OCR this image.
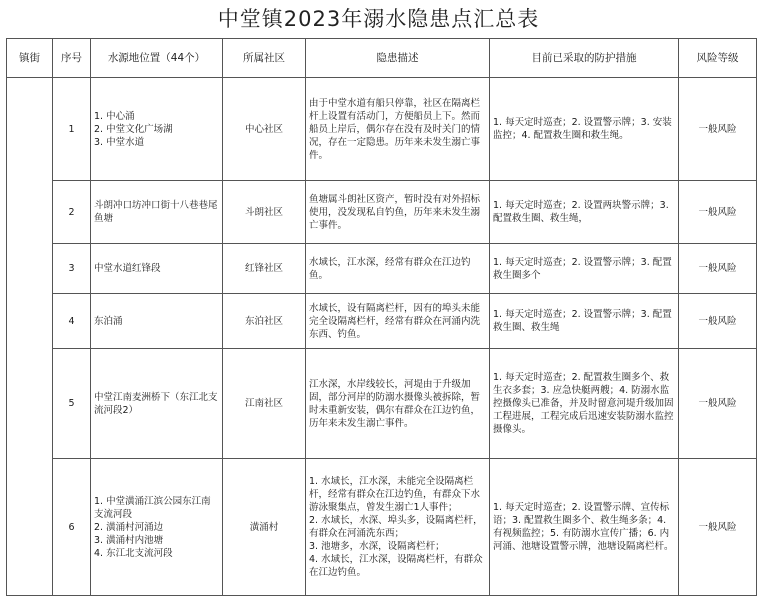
中堂镇2023年溺水隐患点汇总表
镇街	序号	水源地位置（44个）	所属社区	隐患描述	目前已采取的防护措施	风险等级
	1	1. 中心涌
2. 中堂文化广场湖
3. 中堂水道	中心社区	由于中堂水道有船只停靠，社区在隔离栏杆上设置有活动门，方便船员上下。然而船员上岸后，偶尔存在没有及时关门的情况，存在一定隐患。历年来未发生溺亡事件。	1. 每天定时巡查；2. 设置警示牌；3. 安装监控；4. 配置救生圈和救生绳。	一般风险
	2	斗朗冲口坊冲口街十八巷巷尾鱼塘	斗朗社区	鱼塘属斗朗社区资产，暂时没有对外招标使用，没发现私自钓鱼，历年来未发生溺亡事件。	1. 每天定时巡查；2. 设置两块警示牌；3. 配置救生圈、救生绳，	一般风险
	3	中堂水道红锋段	红锋社区	水域长，江水深，经常有群众在江边钓鱼。	1. 每天定时巡查；2. 设置警示牌；3. 配置救生圈多个	一般风险
	4	东泊涌	东泊社区	水域长，设有隔离栏杆，因有的埠头未能完全设隔离栏杆，经常有群众在河涌内洗东西、钓鱼。	1. 每天定时巡查；2. 设置警示牌；3. 配置救生圈、救生绳	一般风险
	5	中堂江南麦洲桥下（东江北支流河段2）	江南社区	江水深，水岸线较长，河堤由于升级加固，部分河岸的防溺水摄像头被拆除，暂时未重新安装，偶尔有群众在江边钓鱼，历年来未发生溺亡事件。	1. 每天定时巡查；2. 配置救生圈多个、救生衣多套；3. 应急快艇两艘；4. 防溺水监控摄像头已准备，并及时留意河堤升级加固工程进展，工程完成后迅速安装防溺水监控摄像头。	一般风险
	6	1. 中堂潢涌江滨公园东江南支流河段
2. 潢涌村河涌边
3. 潢涌村内池塘
4. 东江北支流河段	潢涌村	1. 水域长，江水深，未能完全设隔离栏杆，经常有群众在江边钓鱼，有群众下水游泳聚集点，曾发生溺亡1人事件；
2. 水域长，水深、埠头多，设隔离栏杆，有群众在河涌洗东西；
3. 池塘多，水深，设隔离栏杆；
4. 水域长，江水深，设隔离栏杆，有群众在江边钓鱼。	1. 每天定时巡查；2. 设置警示牌、宣传标语；3. 配置救生圈多个、救生绳多条；4. 有视频监控；5. 有防溺水宣传广播；6. 内河涌、池塘设置警示牌，池塘设隔离栏杆。	一般风险
